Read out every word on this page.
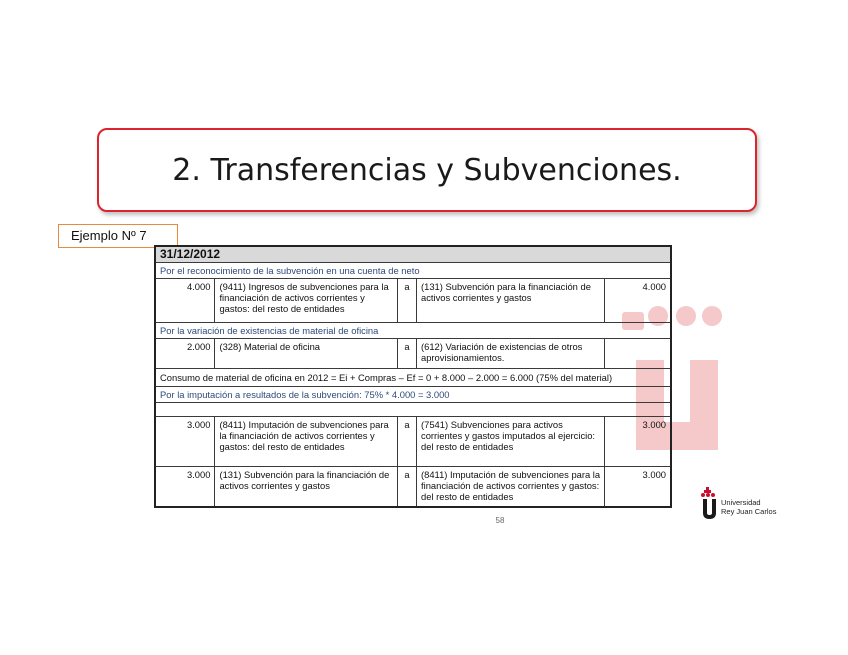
2. Transferencias y Subvenciones.
Ejemplo Nº 7
31/12/2012				
Por el reconocimiento de la subvención en una cuenta de neto				
4.000	(9411) Ingresos de subvenciones para la financiación de activos corrientes y gastos: del resto de entidades	a	(131) Subvención para la financiación de activos corrientes y gastos	4.000
Por la variación de existencias de material de oficina				
2.000	(328) Material de oficina	a	(612) Variación de existencias de otros aprovisionamientos.	
Consumo de material de oficina en 2012 = Ei + Compras – Ef = 0 + 8.000 – 2.000 = 6.000 (75% del material)				
Por la imputación a resultados de la subvención: 75% * 4.000 = 3.000				

3.000	(8411) Imputación de subvenciones para la financiación de activos corrientes y gastos: del resto de entidades	a	(7541) Subvenciones para activos corrientes y gastos imputados al ejercicio: del resto de entidades	3.000
3.000	(131) Subvención para la financiación de activos corrientes y gastos	a	(8411) Imputación de subvenciones para la financiación de activos corrientes y gastos: del resto de entidades	3.000
58
Universidad
Rey Juan Carlos
